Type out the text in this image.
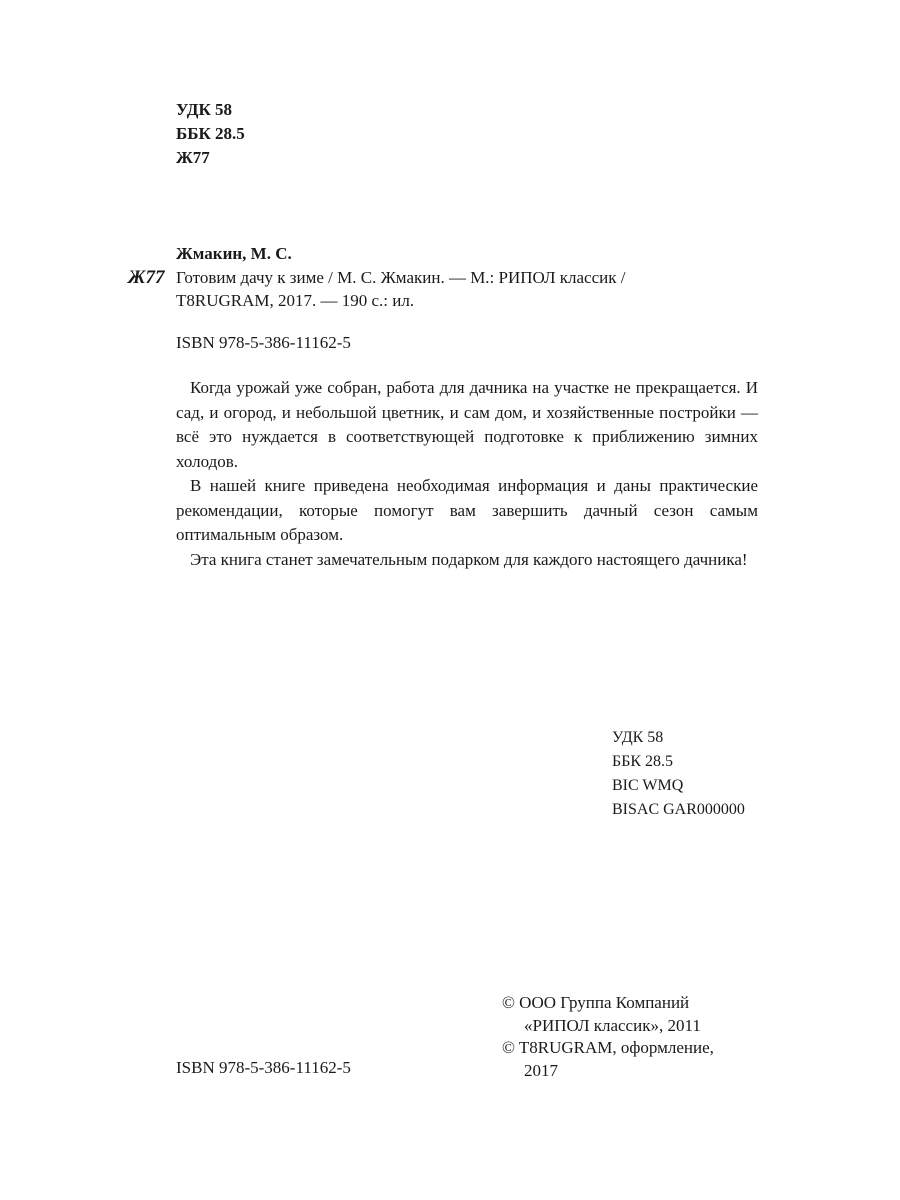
УДК 58
ББК 28.5
Ж77
Жмакин, М. С.
Ж77 Готовим дачу к зиме / М. С. Жмакин. — М.: РИПОЛ классик /
T8RUGRAM, 2017. — 190 с.: ил.
ISBN 978-5-386-11162-5

Когда урожай уже собран, работа для дачника на участке не прекращается. И сад, и огород, и небольшой цветник, и сам дом, и хозяйственные постройки — всё это нуждается в соответствующей подготовке к приближению зимних холодов.

В нашей книге приведена необходимая информация и даны практические рекомендации, которые помогут вам завершить дачный сезон самым оптимальным образом.

Эта книга станет замечательным подарком для каждого настоящего дачника!

УДК 58
ББК 28.5
BIC WMQ
BISAC GAR000000
© ООО Группа Компаний
«РИПОЛ классик», 2011
© T8RUGRAM, оформление,
2017
ISBN 978-5-386-11162-5
